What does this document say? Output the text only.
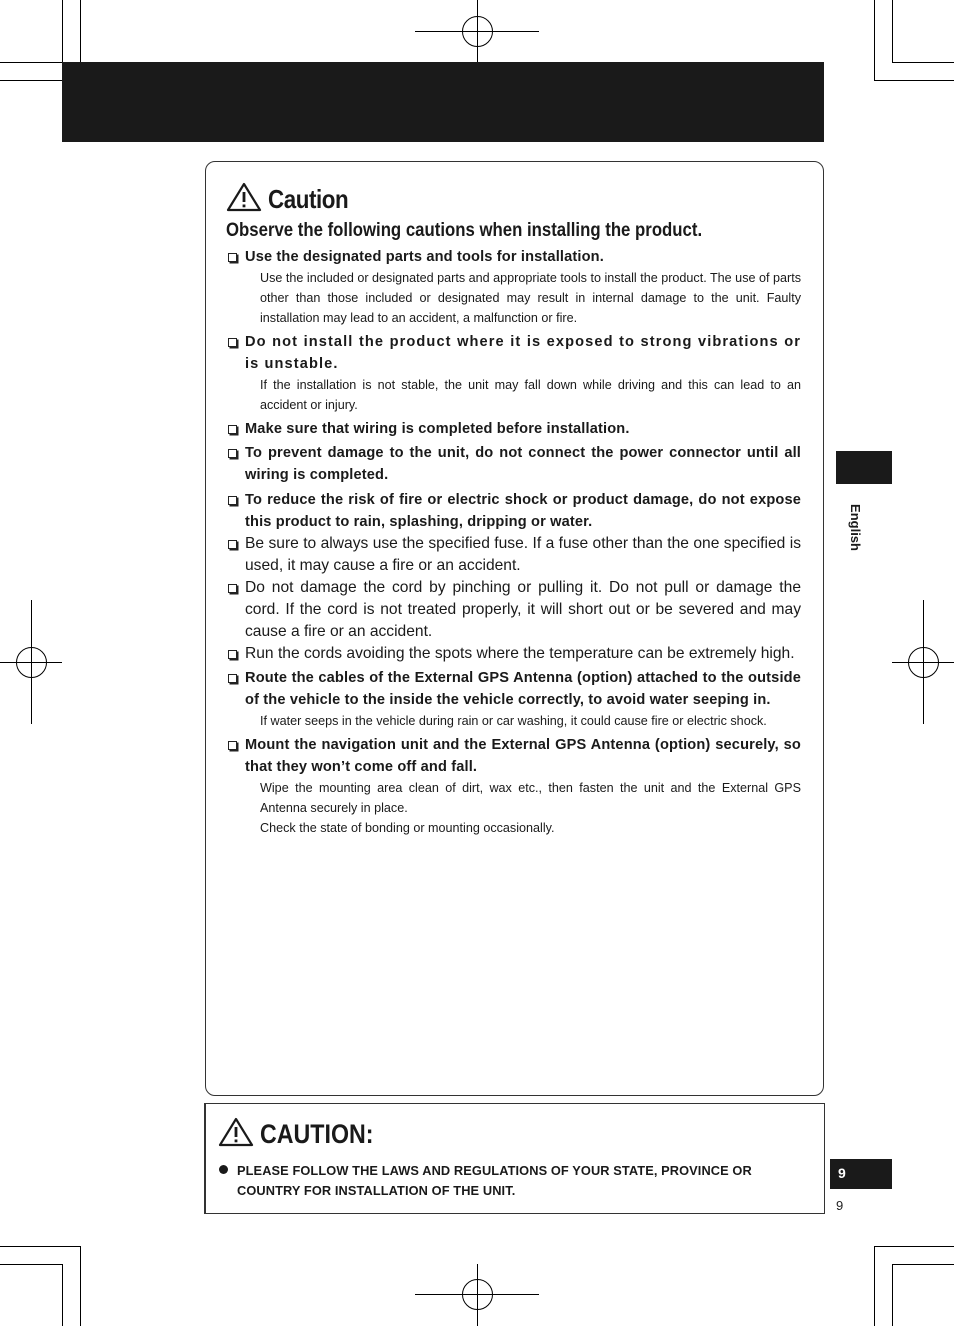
Caution
Observe the following cautions when installing the product.
Use the designated parts and tools for installation.
Use the included or designated parts and appropriate tools to install the product. The use of parts other than those included or designated may result in internal damage to the unit. Faulty installation may lead to an accident, a malfunction or fire.
Do not install the product where it is exposed to strong vibrations or is unstable.
If the installation is not stable, the unit may fall down while driving and this can lead to an accident or injury.
Make sure that wiring is completed before installation.
To prevent damage to the unit, do not connect the power connector until all wiring is completed.
To reduce the risk of fire or electric shock or product damage, do not expose this product to rain, splashing, dripping or water.
Be sure to always use the specified fuse. If a fuse other than the one specified is used, it may cause a fire or an accident.
Do not damage the cord by pinching or pulling it. Do not pull or damage the cord. If the cord is not treated properly, it will short out or be severed and may cause a fire or an accident.
Run the cords avoiding the spots where the temperature can be extremely high.
Route the cables of the External GPS Antenna (option) attached to the outside of the vehicle to the inside the vehicle correctly, to avoid water seeping in.
If water seeps in the vehicle during rain or car washing, it could cause fire or electric shock.
Mount the navigation unit and the External GPS Antenna (option) securely, so that they won’t come off and fall.
Wipe the mounting area clean of dirt, wax etc., then fasten the unit and the External GPS Antenna securely in place.
Check the state of bonding or mounting occasionally.
CAUTION:
PLEASE FOLLOW THE LAWS AND REGULATIONS OF YOUR STATE, PROVINCE OR COUNTRY FOR INSTALLATION OF THE UNIT.
English
9
9
